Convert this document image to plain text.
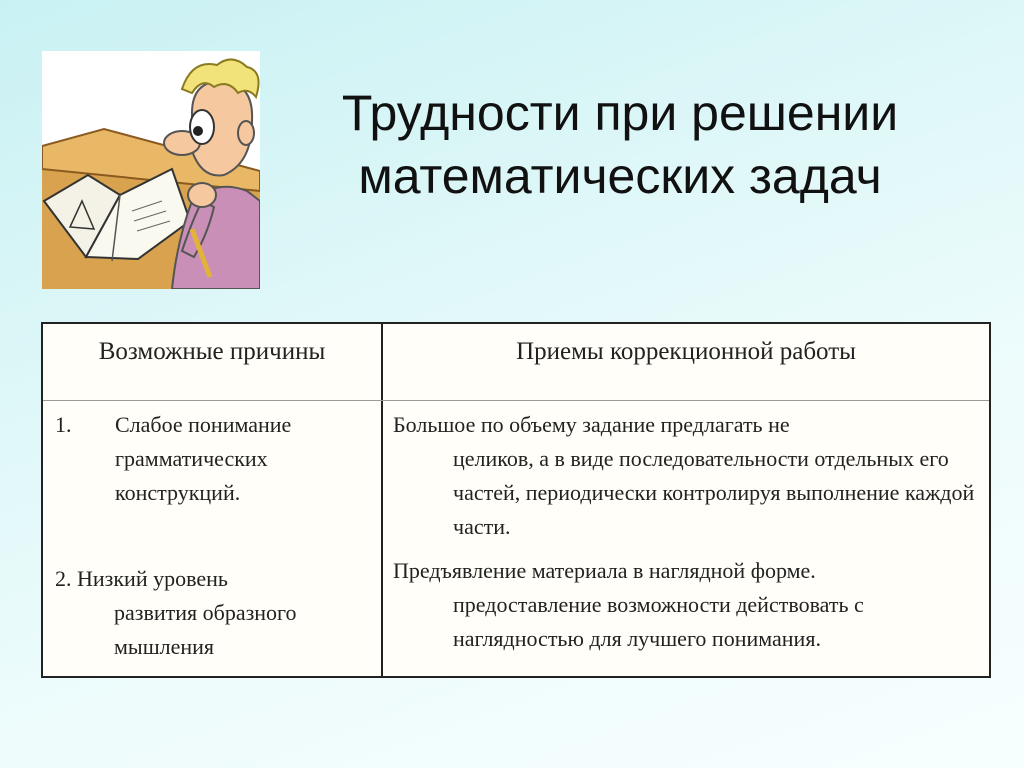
Трудности при решении
математических задач
Возможные причины	Приемы коррекционной работы
1. Слабое понимание грамматических конструкций.
2. Низкий уровень
развития образного мышления
Большое по объему задание предлагать не
целиков, а в виде последовательности отдельных его частей, периодически контролируя выполнение каждой части.
Предъявление материала в наглядной форме.
предоставление возможности действовать с наглядностью для лучшего понимания.
